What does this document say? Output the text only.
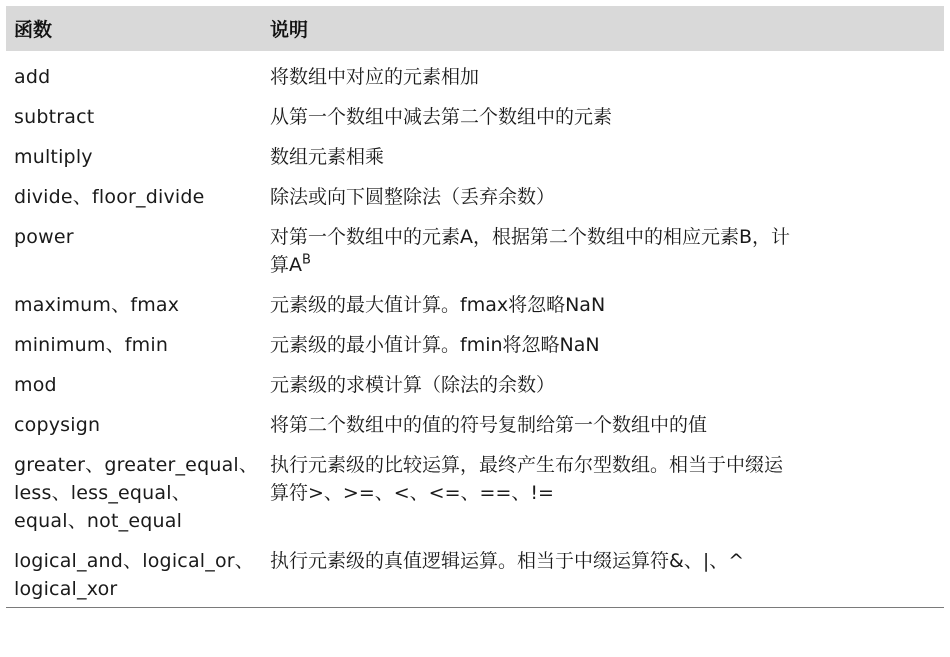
函数	说明

add	将数组中对应的元素相加

subtract	从第一个数组中减去第二个数组中的元素

multiply	数组元素相乘

divide、floor_divide	除法或向下圆整除法（丢弃余数）

power	对第一个数组中的元素A，根据第二个数组中的相应元素B，计
算$A^B$

maximum、fmax	元素级的最大值计算。fmax将忽略NaN

minimum、fmin	元素级的最小值计算。fmin将忽略NaN

mod	元素级的求模计算（除法的余数）

copysign	将第二个数组中的值的符号复制给第一个数组中的值

greater、greater_equal、
less、less_equal、
equal、not_equal	执行元素级的比较运算，最终产生布尔型数组。相当于中缀运
算符>、>=、<、<=、==、!=

logical_and、logical_or、
logical_xor	执行元素级的真值逻辑运算。相当于中缀运算符&、|、^
